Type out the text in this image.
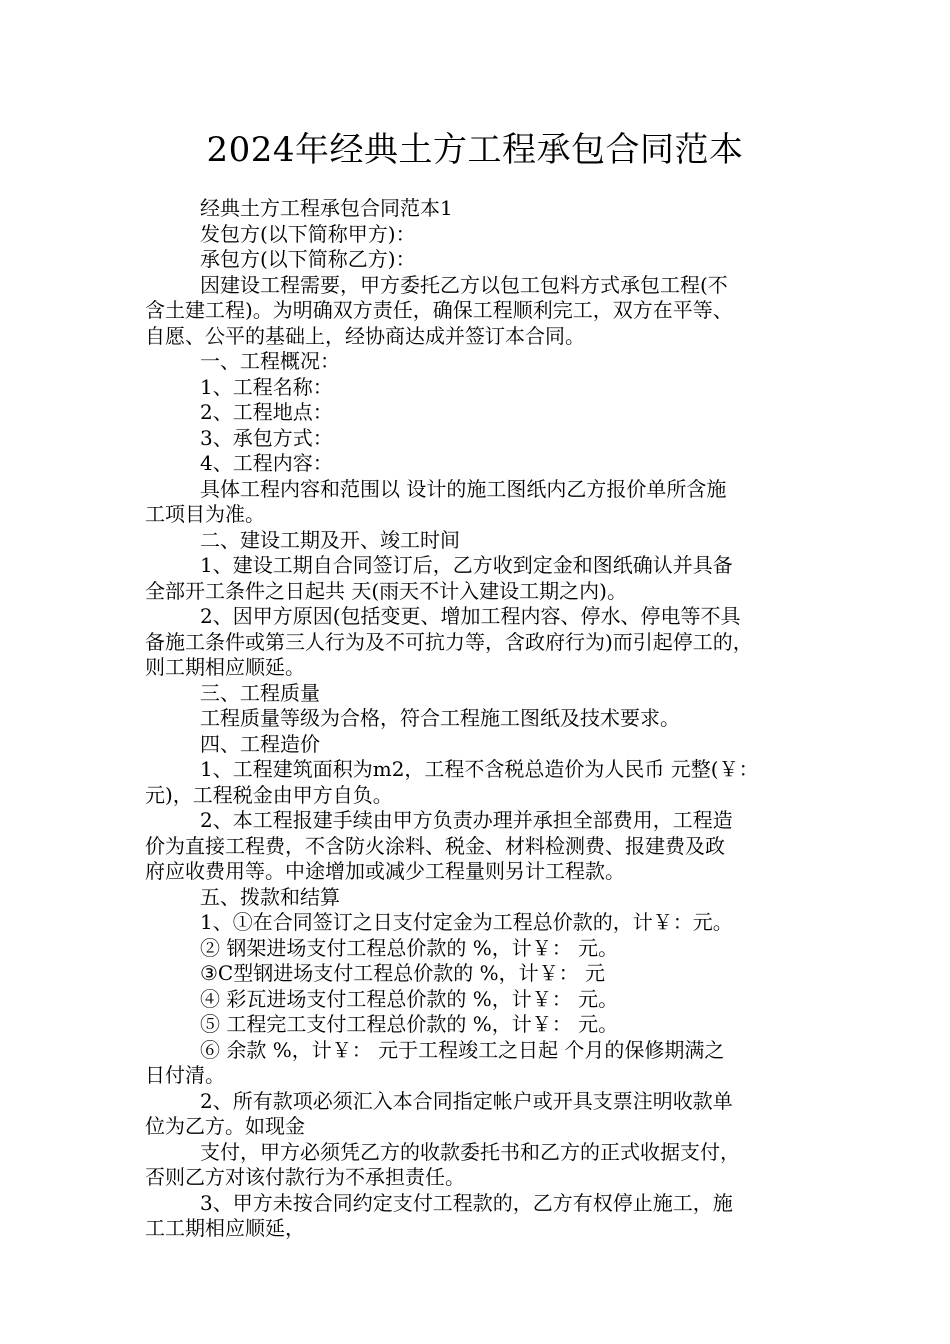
2024年经典土方工程承包合同范本

经典土方工程承包合同范本1

发包方(以下简称甲方)：

承包方(以下简称乙方)：

因建设工程需要，甲方委托乙方以包工包料方式承包工程(不

含土建工程)。为明确双方责任，确保工程顺利完工，双方在平等、

自愿、公平的基础上，经协商达成并签订本合同。

一、工程概况：

1、工程名称：

2、工程地点：

3、承包方式：

4、工程内容：

具体工程内容和范围以 设计的施工图纸内乙方报价单所含施

工项目为准。

二、建设工期及开、竣工时间

1、建设工期自合同签订后，乙方收到定金和图纸确认并具备

全部开工条件之日起共 天(雨天不计入建设工期之内)。

2、因甲方原因(包括变更、增加工程内容、停水、停电等不具

备施工条件或第三人行为及不可抗力等，含政府行为)而引起停工的，

则工期相应顺延。

三、工程质量

工程质量等级为合格，符合工程施工图纸及技术要求。

四、工程造价

1、工程建筑面积为m2，工程不含税总造价为人民币 元整(￥：

元)，工程税金由甲方自负。

2、本工程报建手续由甲方负责办理并承担全部费用，工程造

价为直接工程费，不含防火涂料、税金、材料检测费、报建费及政

府应收费用等。中途增加或减少工程量则另计工程款。

五、拨款和结算

1、①在合同签订之日支付定金为工程总价款的，计￥：元。

② 钢架进场支付工程总价款的 %，计￥： 元。

③C型钢进场支付工程总价款的 %，计￥： 元

④ 彩瓦进场支付工程总价款的 %，计￥： 元。

⑤ 工程完工支付工程总价款的 %，计￥： 元。

⑥ 余款 %，计￥： 元于工程竣工之日起 个月的保修期满之

日付清。

2、所有款项必须汇入本合同指定帐户或开具支票注明收款单

位为乙方。如现金

支付，甲方必须凭乙方的收款委托书和乙方的正式收据支付，

否则乙方对该付款行为不承担责任。

3、甲方未按合同约定支付工程款的，乙方有权停止施工，施

工工期相应顺延，
